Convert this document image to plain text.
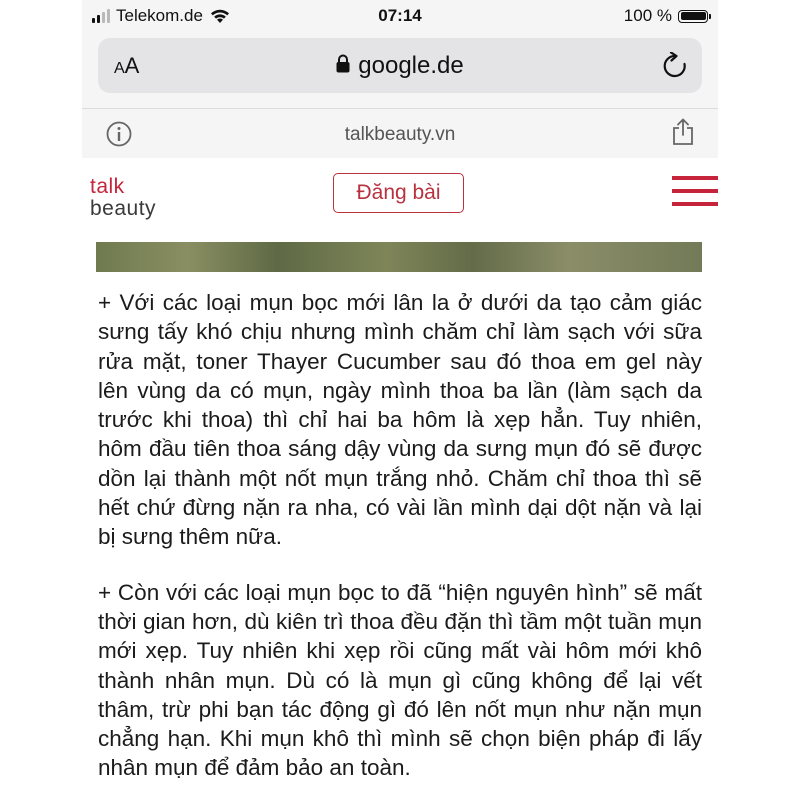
Telekom.de	07:14	100 %
AA	google.de
talkbeauty.vn
talk
beauty
Đăng bài

+ Với các loại mụn bọc mới lân la ở dưới da tạo cảm giác sưng tấy khó chịu nhưng mình chăm chỉ làm sạch với sữa rửa mặt, toner Thayer Cucumber sau đó thoa em gel này lên vùng da có mụn, ngày mình thoa ba lần (làm sạch da trước khi thoa) thì chỉ hai ba hôm là xẹp hẳn. Tuy nhiên, hôm đầu tiên thoa sáng dậy vùng da sưng mụn đó sẽ được dồn lại thành một nốt mụn trắng nhỏ. Chăm chỉ thoa thì sẽ hết chứ đừng nặn ra nha, có vài lần mình dại dột nặn và lại bị sưng thêm nữa.

+ Còn với các loại mụn bọc to đã “hiện nguyên hình” sẽ mất thời gian hơn, dù kiên trì thoa đều đặn thì tầm một tuần mụn mới xẹp. Tuy nhiên khi xẹp rồi cũng mất vài hôm mới khô thành nhân mụn. Dù có là mụn gì cũng không để lại vết thâm, trừ phi bạn tác động gì đó lên nốt mụn như nặn mụn chẳng hạn. Khi mụn khô thì mình sẽ chọn biện pháp đi lấy nhân mụn để đảm bảo an toàn.
